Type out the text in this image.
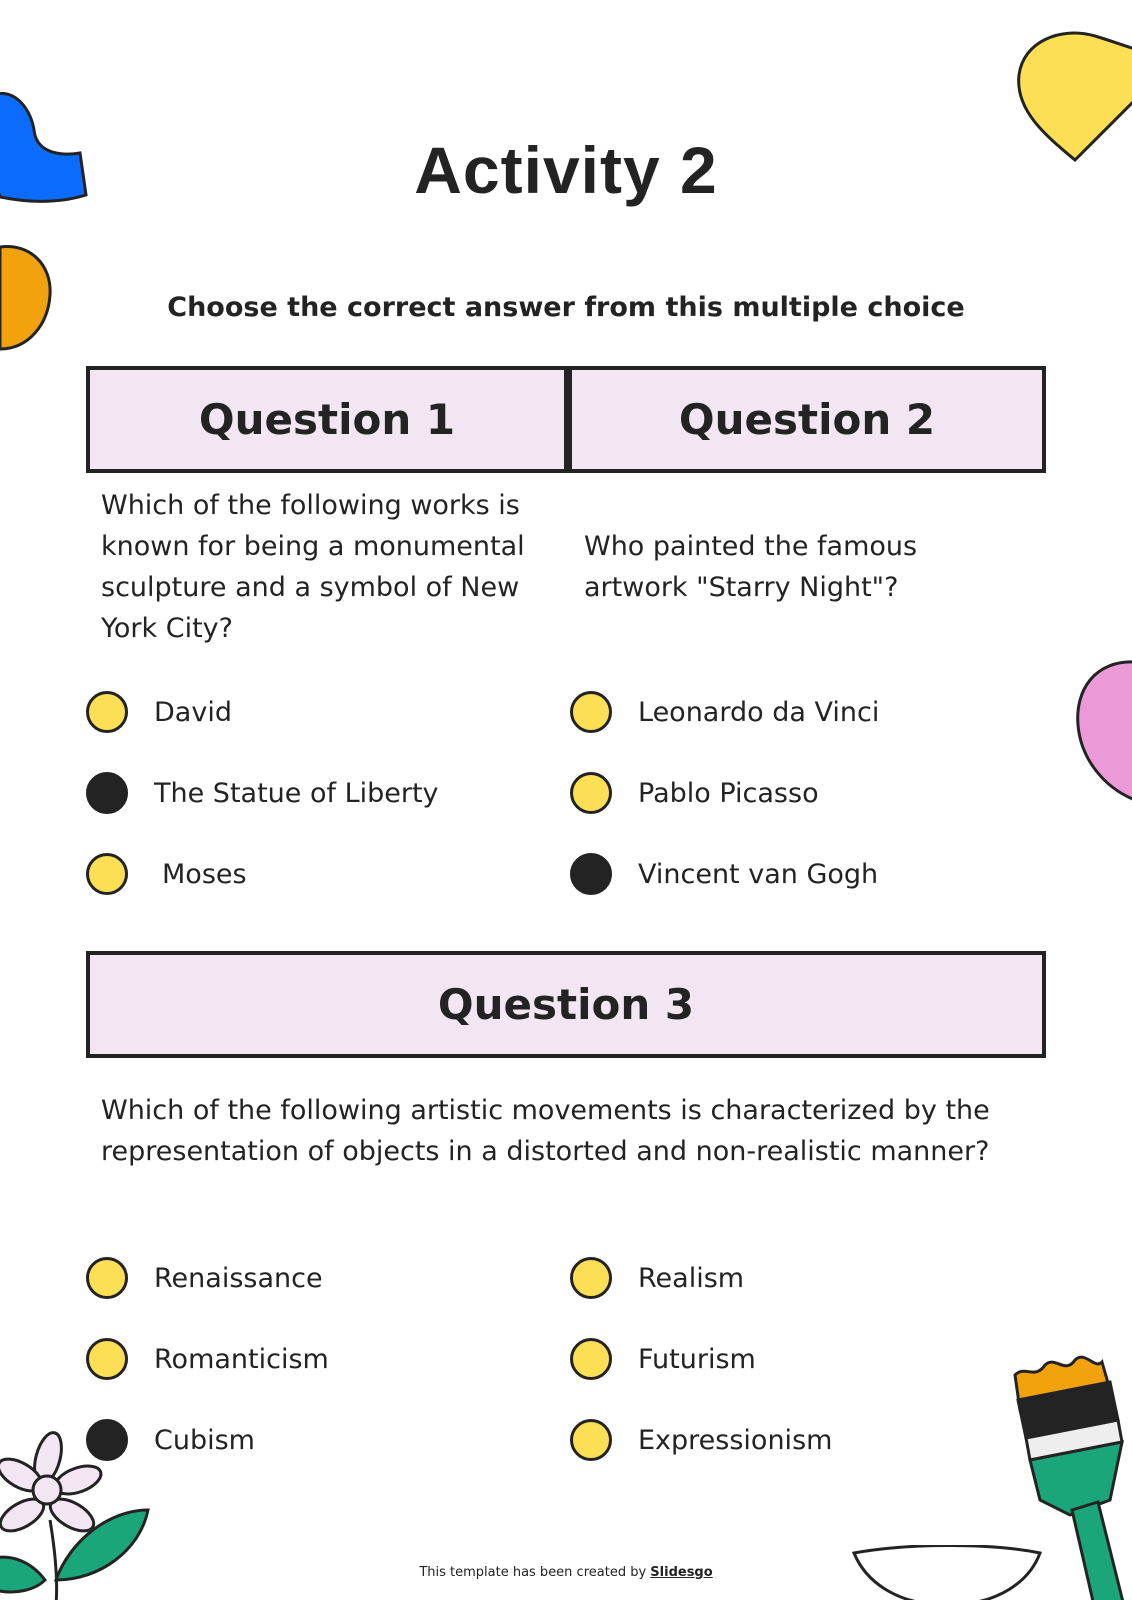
Activity 2
Choose the correct answer from this multiple choice
Question 1
Which of the following works is known for being a monumental sculpture and a symbol of New York City?
David
The Statue of Liberty
Moses
Question 2
Who painted the famous artwork "Starry Night"?
Leonardo da Vinci
Pablo Picasso
Vincent van Gogh
Question 3
Which of the following artistic movements is characterized by the representation of objects in a distorted and non-realistic manner?
Renaissance
Romanticism
Cubism
Realism
Futurism
Expressionism
This template has been created by Slidesgo
